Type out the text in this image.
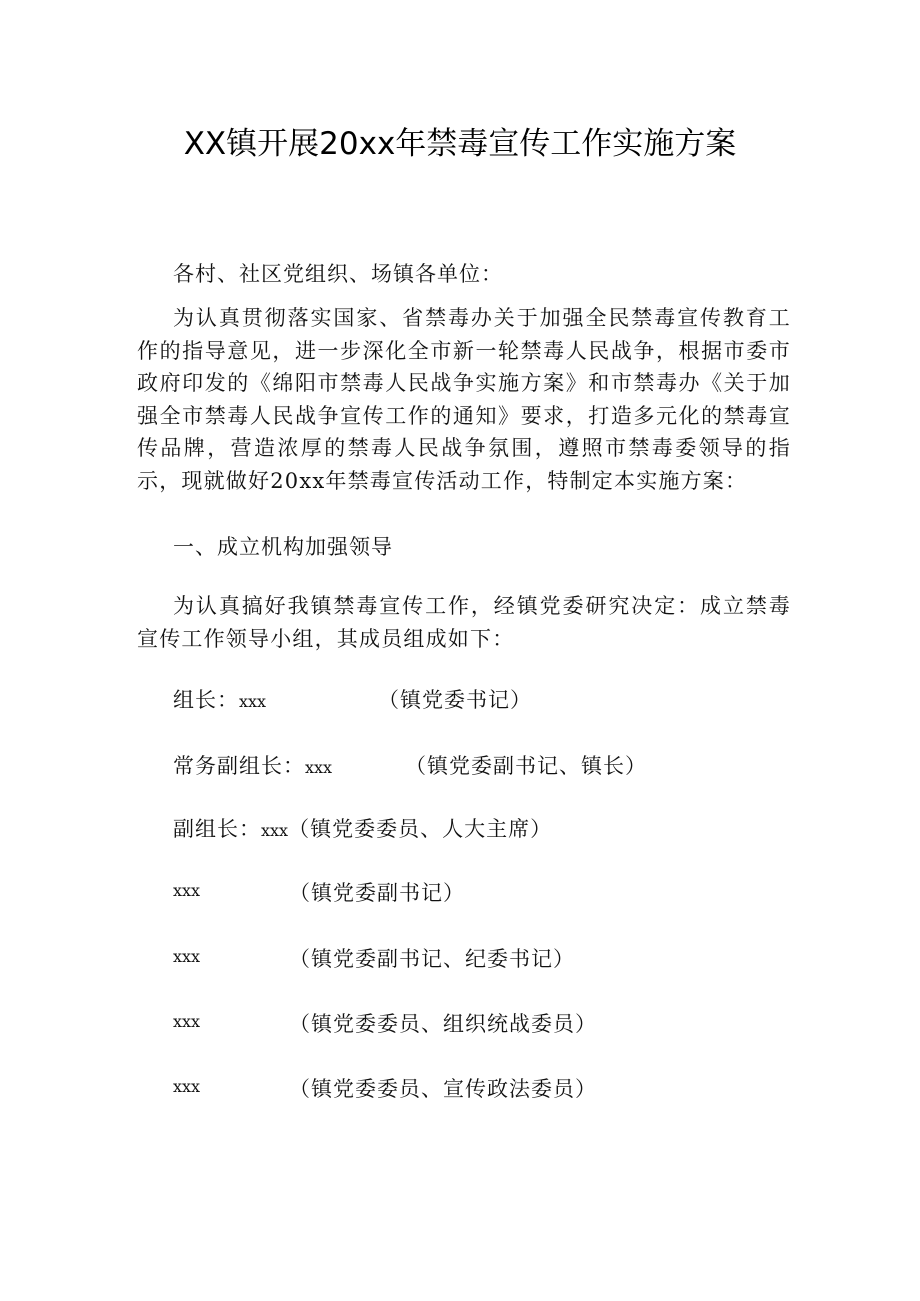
XX镇开展20xx年禁毒宣传工作实施方案
各村、社区党组织、场镇各单位：
为认真贯彻落实国家、省禁毒办关于加强全民禁毒宣传教育工作的指导意见，进一步深化全市新一轮禁毒人民战争，根据市委市政府印发的《绵阳市禁毒人民战争实施方案》和市禁毒办《关于加强全市禁毒人民战争宣传工作的通知》要求，打造多元化的禁毒宣传品牌，营造浓厚的禁毒人民战争氛围，遵照市禁毒委领导的指示，现就做好20xx年禁毒宣传活动工作，特制定本实施方案：
一、成立机构加强领导
为认真搞好我镇禁毒宣传工作，经镇党委研究决定：成立禁毒宣传工作领导小组，其成员组成如下：
组长：xxx	（镇党委书记）
常务副组长：xxx	（镇党委副书记、镇长）
副组长：xxx（镇党委委员、人大主席）
xxx	（镇党委副书记）
xxx	（镇党委副书记、纪委书记）
xxx	（镇党委委员、组织统战委员）
xxx	（镇党委委员、宣传政法委员）
